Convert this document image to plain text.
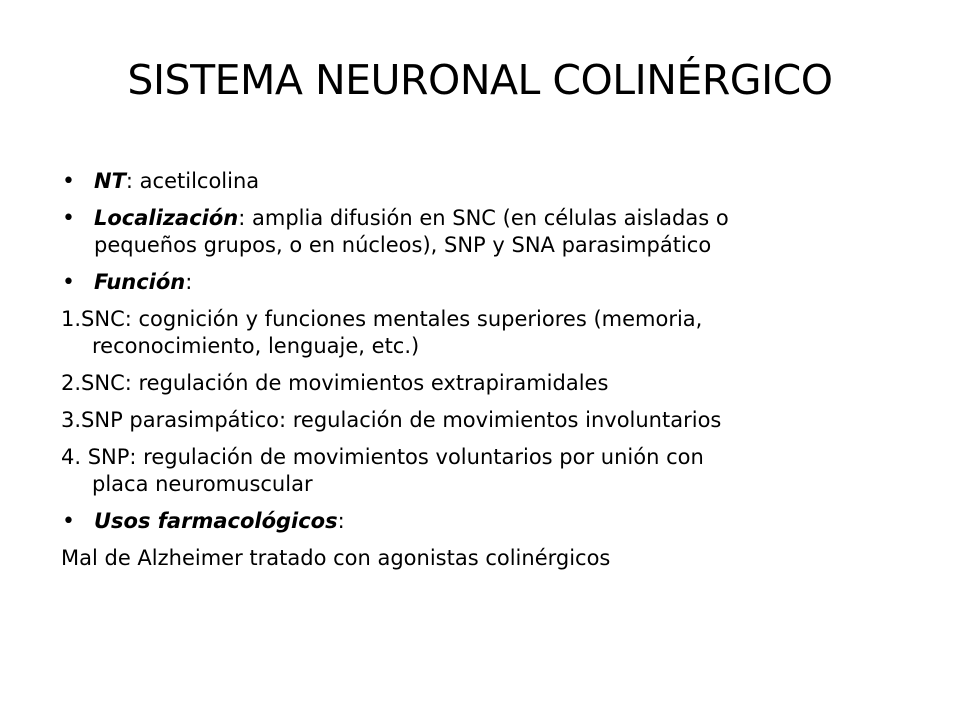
SISTEMA NEURONAL COLINÉRGICO
• NT: acetilcolina
• Localización: amplia difusión en SNC (en células aisladas o
pequeños grupos, o en núcleos), SNP y SNA parasimpático
• Función:
1.SNC: cognición y funciones mentales superiores (memoria,
reconocimiento, lenguaje, etc.)
2.SNC: regulación de movimientos extrapiramidales
3.SNP parasimpático: regulación de movimientos involuntarios
4. SNP: regulación de movimientos voluntarios por unión con
placa neuromuscular
• Usos farmacológicos:
Mal de Alzheimer tratado con agonistas colinérgicos
